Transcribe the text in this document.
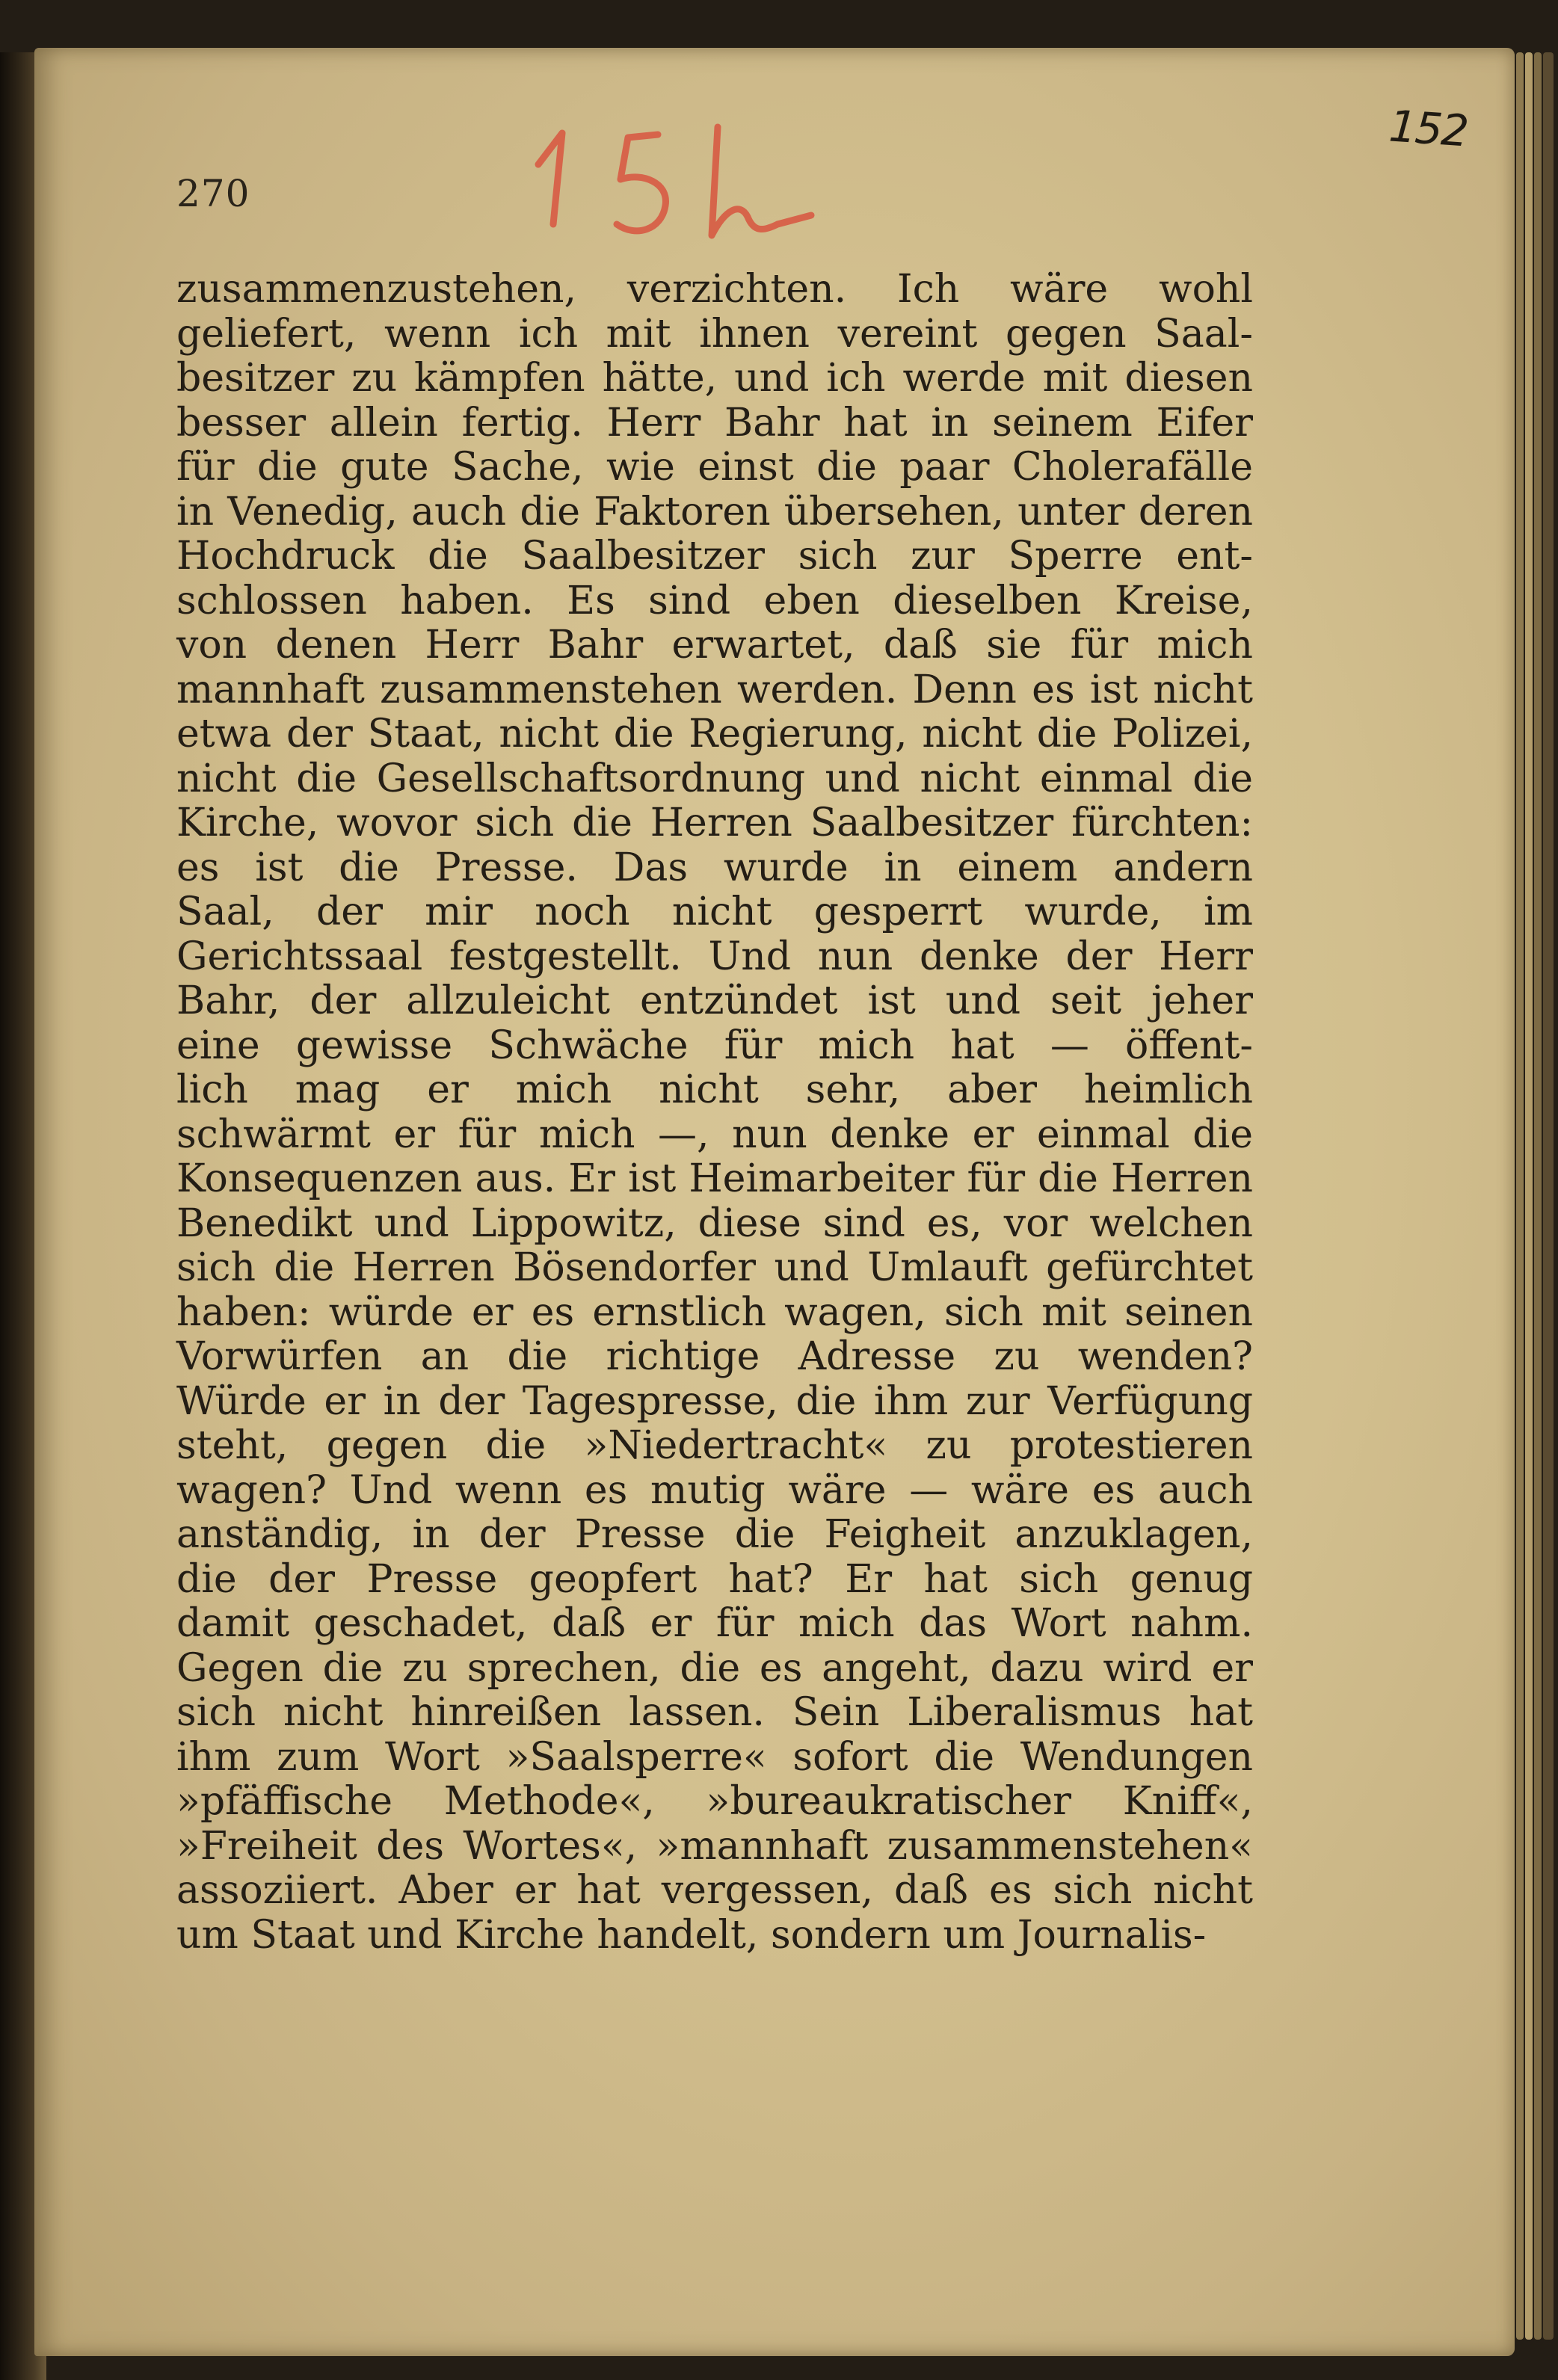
152
270
zusammenzustehen, verzichten. Ich wäre wohl
geliefert, wenn ich mit ihnen vereint gegen Saal-
besitzer zu kämpfen hätte, und ich werde mit diesen
besser allein fertig. Herr Bahr hat in seinem Eifer
für die gute Sache, wie einst die paar Cholerafälle
in Venedig, auch die Faktoren übersehen, unter deren
Hochdruck die Saalbesitzer sich zur Sperre ent-
schlossen haben. Es sind eben dieselben Kreise,
von denen Herr Bahr erwartet, daß sie für mich
mannhaft zusammenstehen werden. Denn es ist nicht
etwa der Staat, nicht die Regierung, nicht die Polizei,
nicht die Gesellschaftsordnung und nicht einmal die
Kirche, wovor sich die Herren Saalbesitzer fürchten:
es ist die Presse. Das wurde in einem andern
Saal, der mir noch nicht gesperrt wurde, im
Gerichtssaal festgestellt. Und nun denke der Herr
Bahr, der allzuleicht entzündet ist und seit jeher
eine gewisse Schwäche für mich hat — öffent-
lich mag er mich nicht sehr, aber heimlich
schwärmt er für mich —, nun denke er einmal die
Konsequenzen aus. Er ist Heimarbeiter für die Herren
Benedikt und Lippowitz, diese sind es, vor welchen
sich die Herren Bösendorfer und Umlauft gefürchtet
haben: würde er es ernstlich wagen, sich mit seinen
Vorwürfen an die richtige Adresse zu wenden?
Würde er in der Tagespresse, die ihm zur Verfügung
steht, gegen die »Niedertracht« zu protestieren
wagen? Und wenn es mutig wäre — wäre es auch
anständig, in der Presse die Feigheit anzuklagen,
die der Presse geopfert hat? Er hat sich genug
damit geschadet, daß er für mich das Wort nahm.
Gegen die zu sprechen, die es angeht, dazu wird er
sich nicht hinreißen lassen. Sein Liberalismus hat
ihm zum Wort »Saalsperre« sofort die Wendungen
»pfäffische Methode«, »bureaukratischer Kniff«,
»Freiheit des Wortes«, »mannhaft zusammenstehen«
assoziiert. Aber er hat vergessen, daß es sich nicht
um Staat und Kirche handelt, sondern um Journalis-
